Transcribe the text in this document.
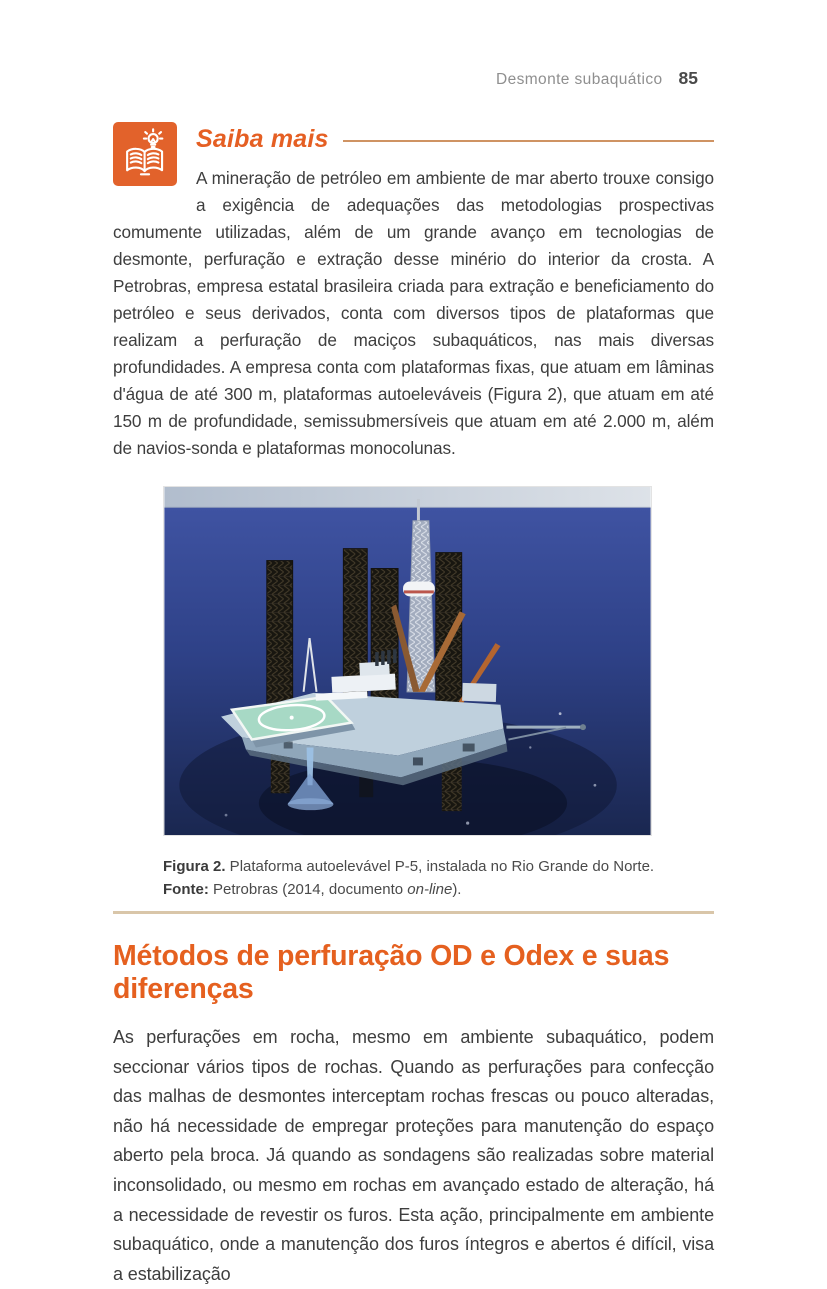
Desmonte subaquático 85
Saiba mais

A mineração de petróleo em ambiente de mar aberto trouxe consigo a exigência de adequações das metodologias prospectivas comumente utilizadas, além de um grande avanço em tecnologias de desmonte, perfuração e extração desse minério do interior da crosta. A Petrobras, empresa estatal brasileira criada para extração e beneficiamento do petróleo e seus derivados, conta com diversos tipos de plataformas que realizam a perfuração de maciços subaquáticos, nas mais diversas profundidades. A empresa conta com plataformas fixas, que atuam em lâminas d'água de até 300 m, plataformas autoeleváveis (Figura 2), que atuam em até 150 m de profundidade, semissubmersíveis que atuam em até 2.000 m, além de navios-sonda e plataformas monocolunas.

Figura 2. Plataforma autoelevável P-5, instalada no Rio Grande do Norte.
Fonte: Petrobras (2014, documento on-line).
Métodos de perfuração OD e Odex e suas diferenças

As perfurações em rocha, mesmo em ambiente subaquático, podem seccionar vários tipos de rochas. Quando as perfurações para confecção das malhas de desmontes interceptam rochas frescas ou pouco alteradas, não há necessidade de empregar proteções para manutenção do espaço aberto pela broca. Já quando as sondagens são realizadas sobre material inconsolidado, ou mesmo em rochas em avançado estado de alteração, há a necessidade de revestir os furos. Esta ação, principalmente em ambiente subaquático, onde a manutenção dos furos íntegros e abertos é difícil, visa a estabilização
